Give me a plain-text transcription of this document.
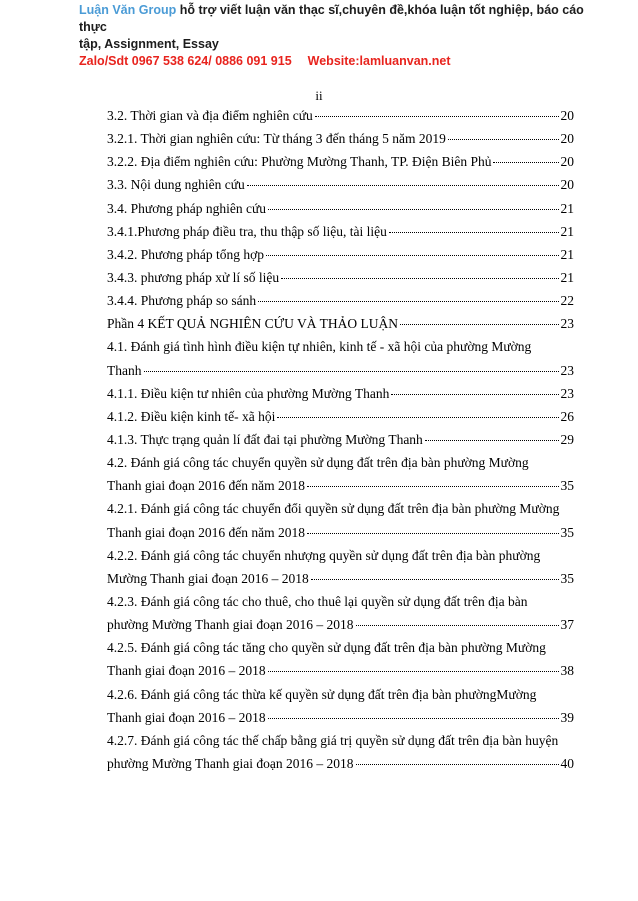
Luận Văn Group hỗ trợ viết luận văn thạc sĩ,chuyên đề,khóa luận tốt nghiệp, báo cáo thực
tập, Assignment, Essay
Zalo/Sdt 0967 538 624/ 0886 091 915 Website:lamluanvan.net
ii
3.2. Thời gian và địa điểm nghiên cứu	20
3.2.1. Thời gian nghiên cứu: Từ tháng 3 đến tháng 5 năm 2019	20
3.2.2. Địa điểm nghiên cứu: Phường Mường Thanh, TP. Điện Biên Phủ	20
3.3. Nội dung nghiên cứu	20
3.4. Phương pháp nghiên cứu	21
3.4.1.Phương pháp điều tra, thu thập số liệu, tài liệu	21
3.4.2. Phương pháp tổng hợp	21
3.4.3. phương pháp xử lí số liệu	21
3.4.4. Phương pháp so sánh	22
Phần 4 KẾT QUẢ NGHIÊN CỨU VÀ THẢO LUẬN	23
4.1. Đánh giá tình hình điều kiện tự nhiên, kinh tế - xã hội của phường Mường
Thanh	23
4.1.1. Điều kiện tư nhiên của phường Mường Thanh	23
4.1.2. Điều kiện kinh tế- xã hội	26
4.1.3. Thực trạng quản lí đất đai tại phường Mường Thanh	29
4.2. Đánh giá công tác chuyển quyền sử dụng đất trên địa bàn phường Mường
Thanh giai đoạn 2016 đến năm 2018	35
4.2.1. Đánh giá công tác chuyển đổi quyền sử dụng đất trên địa bàn phường Mường
Thanh giai đoạn 2016 đến năm 2018	35
4.2.2. Đánh giá công tác chuyển nhượng quyền sử dụng đất trên địa bàn phường
Mường Thanh giai đoạn 2016 – 2018	35
4.2.3. Đánh giá công tác cho thuê, cho thuê lại quyền sử dụng đất trên địa bàn
phường Mường Thanh giai đoạn 2016 – 2018	37
4.2.5. Đánh giá công tác tăng cho quyền sử dụng đất trên địa bàn phường Mường
Thanh giai đoạn 2016 – 2018	38
4.2.6. Đánh giá công tác thừa kế quyền sử dụng đất trên địa bàn phườngMường
Thanh giai đoạn 2016 – 2018	39
4.2.7. Đánh giá công tác thế chấp bằng giá trị quyền sử dụng đất trên địa bàn huyện
phường Mường Thanh giai đoạn 2016 – 2018	40
